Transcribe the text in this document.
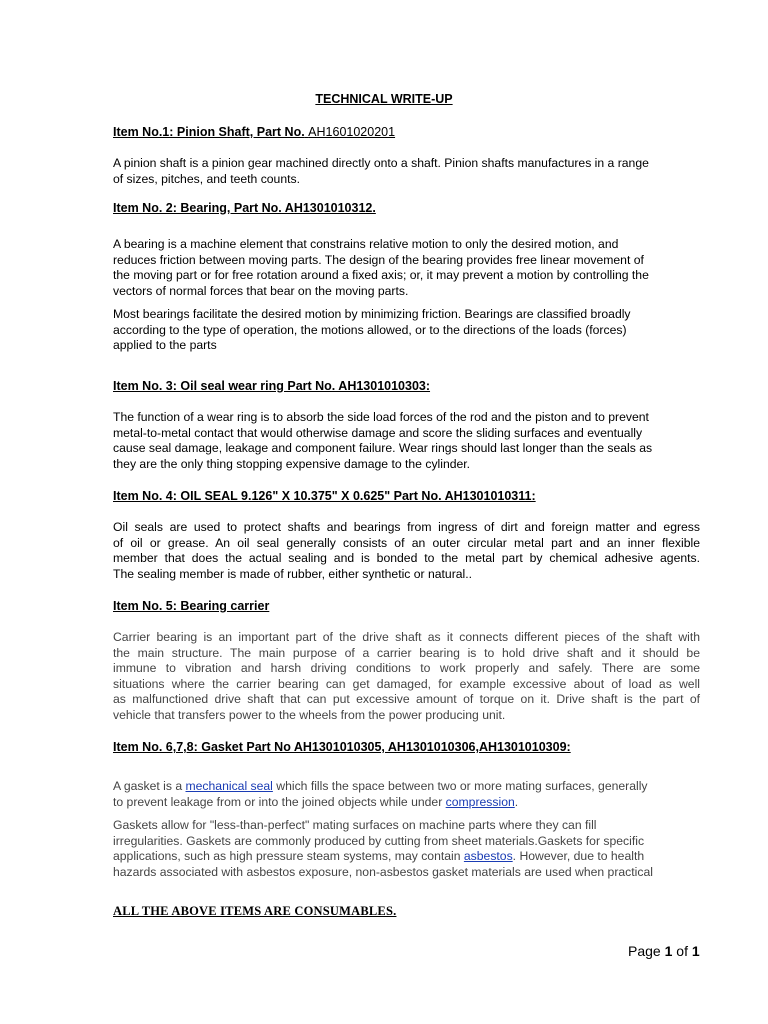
TECHNICAL WRITE-UP
Item No.1: Pinion Shaft, Part No. AH1601020201
A pinion shaft is a pinion gear machined directly onto a shaft. Pinion shafts manufactures in a range
of sizes, pitches, and teeth counts.
Item No. 2: Bearing, Part No. AH1301010312.
A bearing is a machine element that constrains relative motion to only the desired motion, and
reduces friction between moving parts. The design of the bearing provides free linear movement of
the moving part or for free rotation around a fixed axis; or, it may prevent a motion by controlling the
vectors of normal forces that bear on the moving parts.
Most bearings facilitate the desired motion by minimizing friction. Bearings are classified broadly
according to the type of operation, the motions allowed, or to the directions of the loads (forces)
applied to the parts
Item No. 3: Oil seal wear ring Part No. AH1301010303:
The function of a wear ring is to absorb the side load forces of the rod and the piston and to prevent
metal-to-metal contact that would otherwise damage and score the sliding surfaces and eventually
cause seal damage, leakage and component failure. Wear rings should last longer than the seals as
they are the only thing stopping expensive damage to the cylinder.
Item No. 4: OIL SEAL 9.126" X 10.375" X 0.625" Part No. AH1301010311:
Oil seals are used to protect shafts and bearings from ingress of dirt and foreign matter and egress
of oil or grease. An oil seal generally consists of an outer circular metal part and an inner flexible
member that does the actual sealing and is bonded to the metal part by chemical adhesive agents.
The sealing member is made of rubber, either synthetic or natural..
Item No. 5: Bearing carrier
Carrier bearing is an important part of the drive shaft as it connects different pieces of the shaft with
the main structure. The main purpose of a carrier bearing is to hold drive shaft and it should be
immune to vibration and harsh driving conditions to work properly and safely. There are some
situations where the carrier bearing can get damaged, for example excessive about of load as well
as malfunctioned drive shaft that can put excessive amount of torque on it. Drive shaft is the part of
vehicle that transfers power to the wheels from the power producing unit.
Item No. 6,7,8: Gasket Part No AH1301010305, AH1301010306,AH1301010309:
A gasket is a mechanical seal which fills the space between two or more mating surfaces, generally
to prevent leakage from or into the joined objects while under compression.
Gaskets allow for "less-than-perfect" mating surfaces on machine parts where they can fill
irregularities. Gaskets are commonly produced by cutting from sheet materials.Gaskets for specific
applications, such as high pressure steam systems, may contain asbestos. However, due to health
hazards associated with asbestos exposure, non-asbestos gasket materials are used when practical
ALL THE ABOVE ITEMS ARE CONSUMABLES.
Page 1 of 1
